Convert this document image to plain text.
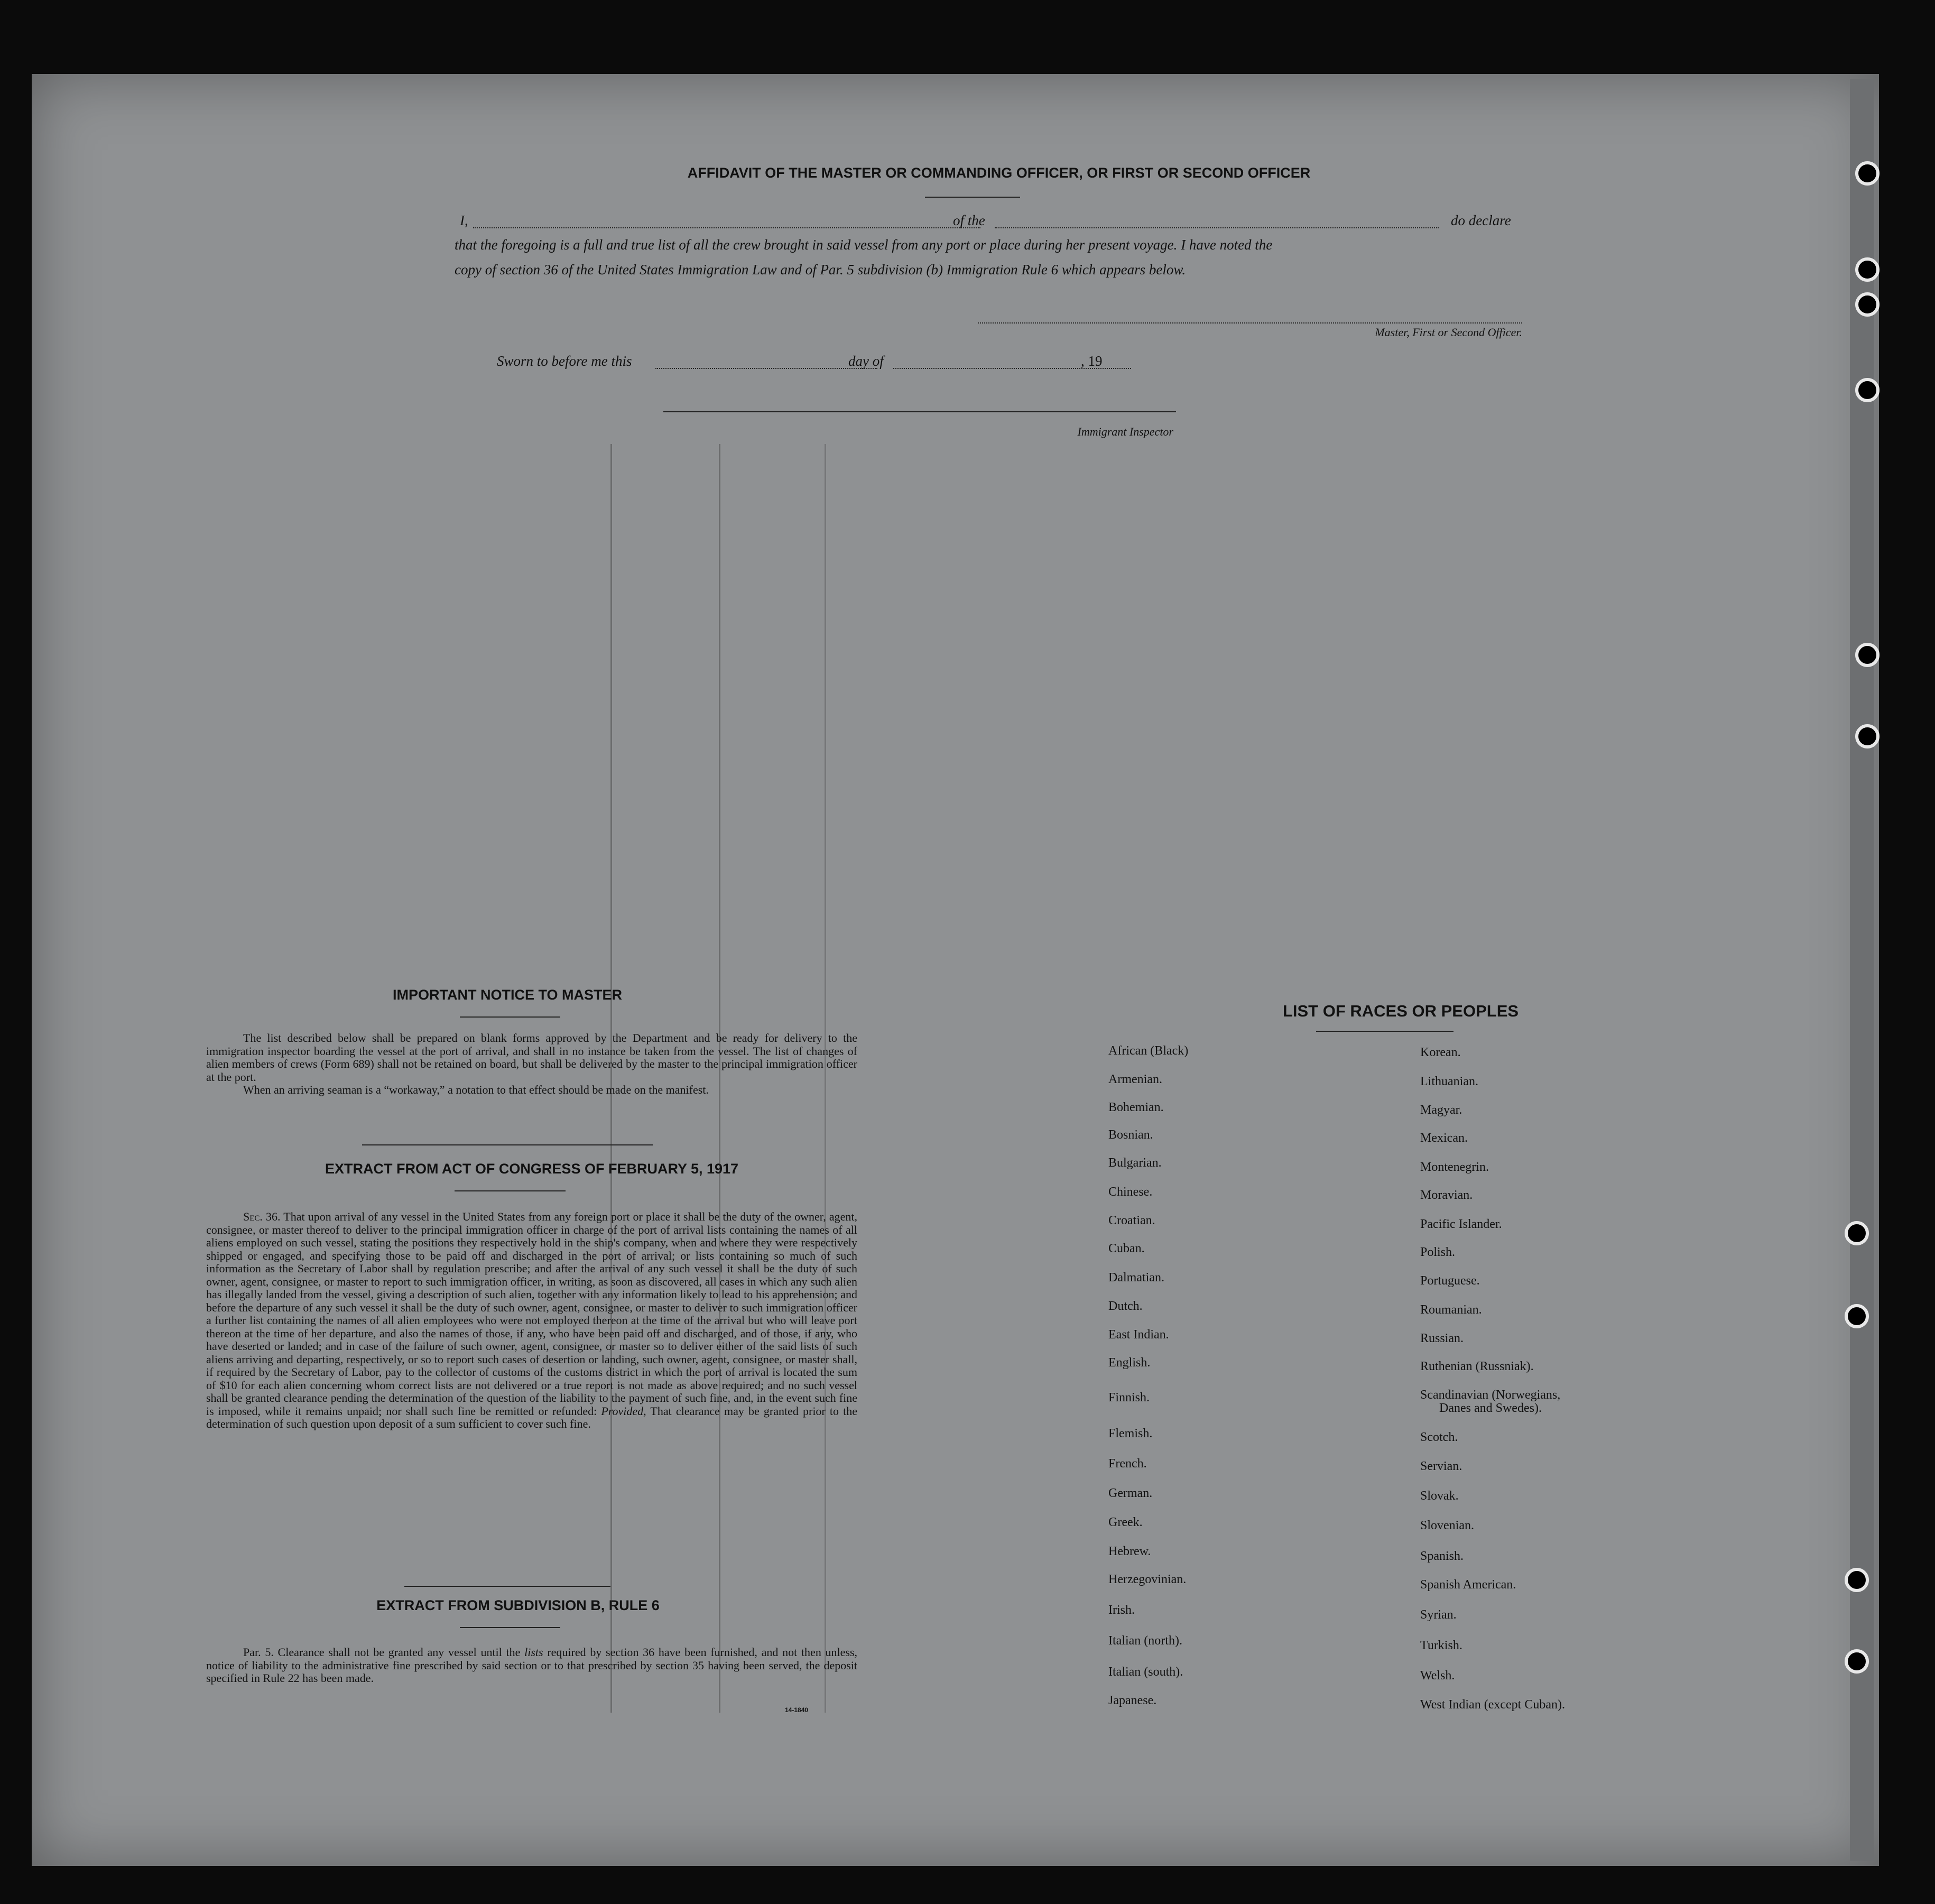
AFFIDAVIT OF THE MASTER OR COMMANDING OFFICER, OR FIRST OR SECOND OFFICER
I,	of the	do declare
that the foregoing is a full and true list of all the crew brought in said vessel from any port or place during her present voyage. I have noted the
copy of section 36 of the United States Immigration Law and of Par. 5 subdivision (b) Immigration Rule 6 which appears below.
Master, First or Second Officer.
Sworn to before me this	day of	, 19
Immigrant Inspector
IMPORTANT NOTICE TO MASTER

The list described below shall be prepared on blank forms approved by the Department and be ready for delivery to the immigration inspector boarding the vessel at the port of arrival, and shall in no instance be taken from the vessel. The list of changes of alien members of crews (Form 689) shall not be retained on board, but shall be delivered by the master to the principal immigration officer at the port.

When an arriving seaman is a “workaway,” a notation to that effect should be made on the manifest.

EXTRACT FROM ACT OF CONGRESS OF FEBRUARY 5, 1917

Sec. 36. That upon arrival of any vessel in the United States from any foreign port or place it shall be the duty of the owner, agent, consignee, or master thereof to deliver to the principal immigration officer in charge of the port of arrival lists containing the names of all aliens employed on such vessel, stating the positions they respectively hold in the ship's company, when and where they were respectively shipped or engaged, and specifying those to be paid off and discharged in the port of arrival; or lists containing so much of such information as the Secretary of Labor shall by regulation prescribe; and after the arrival of any such vessel it shall be the duty of such owner, agent, consignee, or master to report to such immigration officer, in writing, as soon as discovered, all cases in which any such alien has illegally landed from the vessel, giving a description of such alien, together with any information likely to lead to his apprehension; and before the departure of any such vessel it shall be the duty of such owner, agent, consignee, or master to deliver to such immigration officer a further list containing the names of all alien employees who were not employed thereon at the time of the arrival but who will leave port thereon at the time of her departure, and also the names of those, if any, who have been paid off and discharged, and of those, if any, who have deserted or landed; and in case of the failure of such owner, agent, consignee, or master so to deliver either of the said lists of such aliens arriving and departing, respectively, or so to report such cases of desertion or landing, such owner, agent, consignee, or master shall, if required by the Secretary of Labor, pay to the collector of customs of the customs district in which the port of arrival is located the sum of $10 for each alien concerning whom correct lists are not delivered or a true report is not made as above required; and no such vessel shall be granted clearance pending the determination of the question of the liability to the payment of such fine, and, in the event such fine is imposed, while it remains unpaid; nor shall such fine be remitted or refunded: Provided, That clearance may be granted prior to the determination of such question upon deposit of a sum sufficient to cover such fine.

EXTRACT FROM SUBDIVISION B, RULE 6

Par. 5. Clearance shall not be granted any vessel until the lists required by section 36 have been furnished, and not then unless, notice of liability to the administrative fine prescribed by said section or to that prescribed by section 35 having been served, the deposit specified in Rule 22 has been made.

14-1840
LIST OF RACES OR PEOPLES
African (Black)
Armenian.
Bohemian.
Bosnian.
Bulgarian.
Chinese.
Croatian.
Cuban.
Dalmatian.
Dutch.
East Indian.
English.
Finnish.
Flemish.
French.
German.
Greek.
Hebrew.
Herzegovinian.
Irish.
Italian (north).
Italian (south).
Japanese.
Korean.
Lithuanian.
Magyar.
Mexican.
Montenegrin.
Moravian.
Pacific Islander.
Polish.
Portuguese.
Roumanian.
Russian.
Ruthenian (Russniak).
Scandinavian (Norwegians,
Danes and Swedes).
Scotch.
Servian.
Slovak.
Slovenian.
Spanish.
Spanish American.
Syrian.
Turkish.
Welsh.
West Indian (except Cuban).
